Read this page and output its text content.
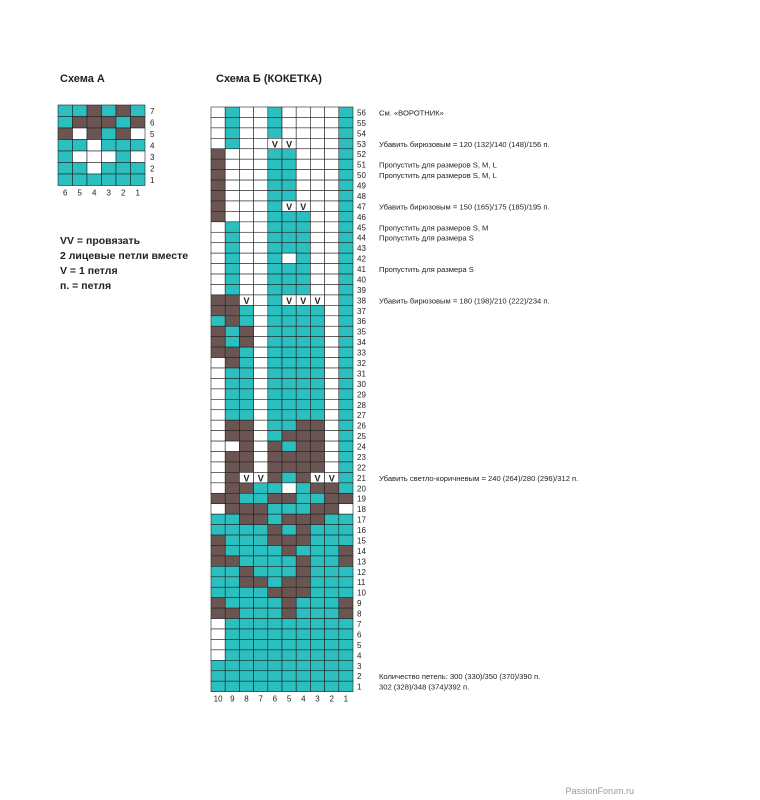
Схема А	Схема Б (КОКЕТКА)
7
6
5
4
3
2
1
6 5 4 3 2 1
56 См. «ВОРОТНИК»
55
54
V V	53 Убавить бирюзовым = 120 (132)/140 (148)/156 п.
52
51 Пропустить для размеров S, M, L
50 Пропустить для размеров S, M, L
49
48
V V	47 Убавить бирюзовым = 150 (165)/175 (185)/195 п.
46
45 Пропустить для размеров S, M
44 Пропустить для размера S
43
42
41 Пропустить для размера S
40
39
V	V V V	38 Убавить бирюзовым = 180 (198)/210 (222)/234 п.
37
36
35
34
33
32
31
30
29
28
27
26
25
24
23
22
V V	V V	21 Убавить светло-коричневым = 240 (264)/280 (296)/312 п.
20
19
18
17
16
15
14
13
12
11
10
9
8
7
6
5
4
3
2 Количество петель: 300 (330)/350 (370)/390 п.
1 302 (328)/348 (374)/392 п.
10 9 8 7 6 5 4 3 2 1
VV = провязать
2 лицевые петли вместе
V = 1 петля
п. = петля
PassionForum.ru
